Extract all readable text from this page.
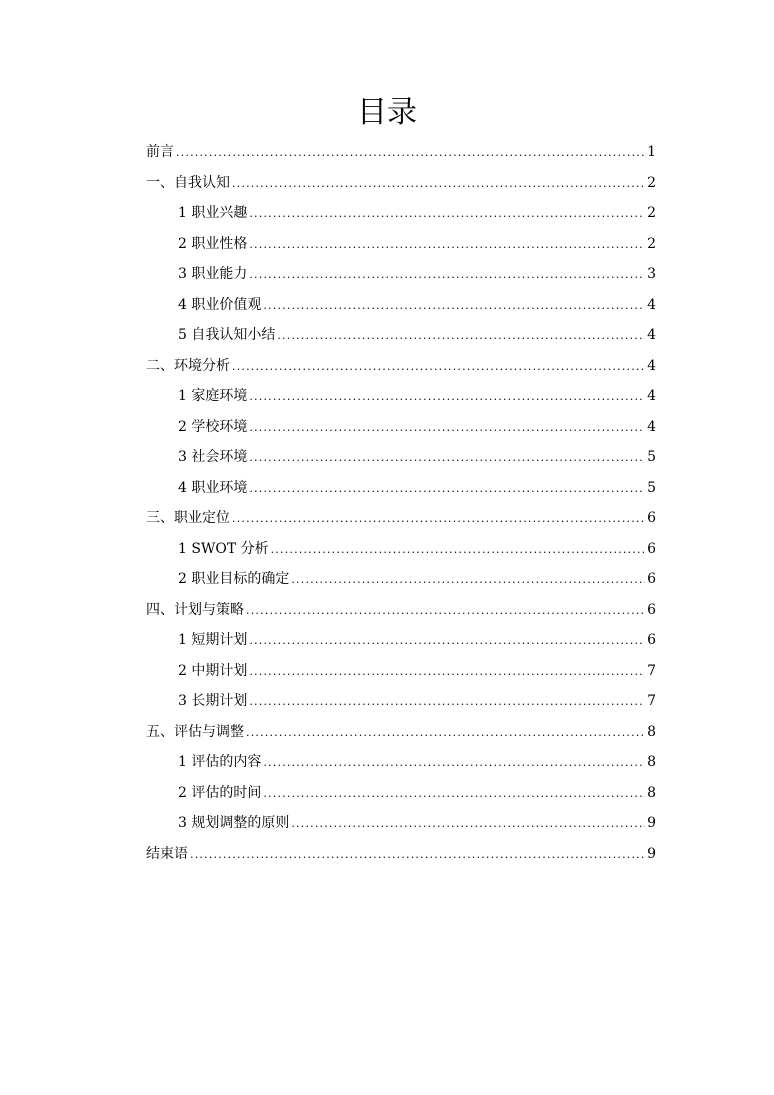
目录
前言 .....	1
一、自我认知 .....	2
1 职业兴趣 .....	2
2 职业性格 .....	2
3 职业能力 .....	3
4 职业价值观 .....	4
5 自我认知小结 .....	4
二、环境分析 .....	4
1 家庭环境 .....	4
2 学校环境 .....	4
3 社会环境 .....	5
4 职业环境 .....	5
三、职业定位 .....	6
1 SWOT 分析 .....	6
2 职业目标的确定 .....	6
四、计划与策略 .....	6
1 短期计划 .....	6
2 中期计划 .....	7
3 长期计划 .....	7
五、评估与调整 .....	8
1 评估的内容 .....	8
2 评估的时间 .....	8
3 规划调整的原则 .....	9
结束语 .....	9
